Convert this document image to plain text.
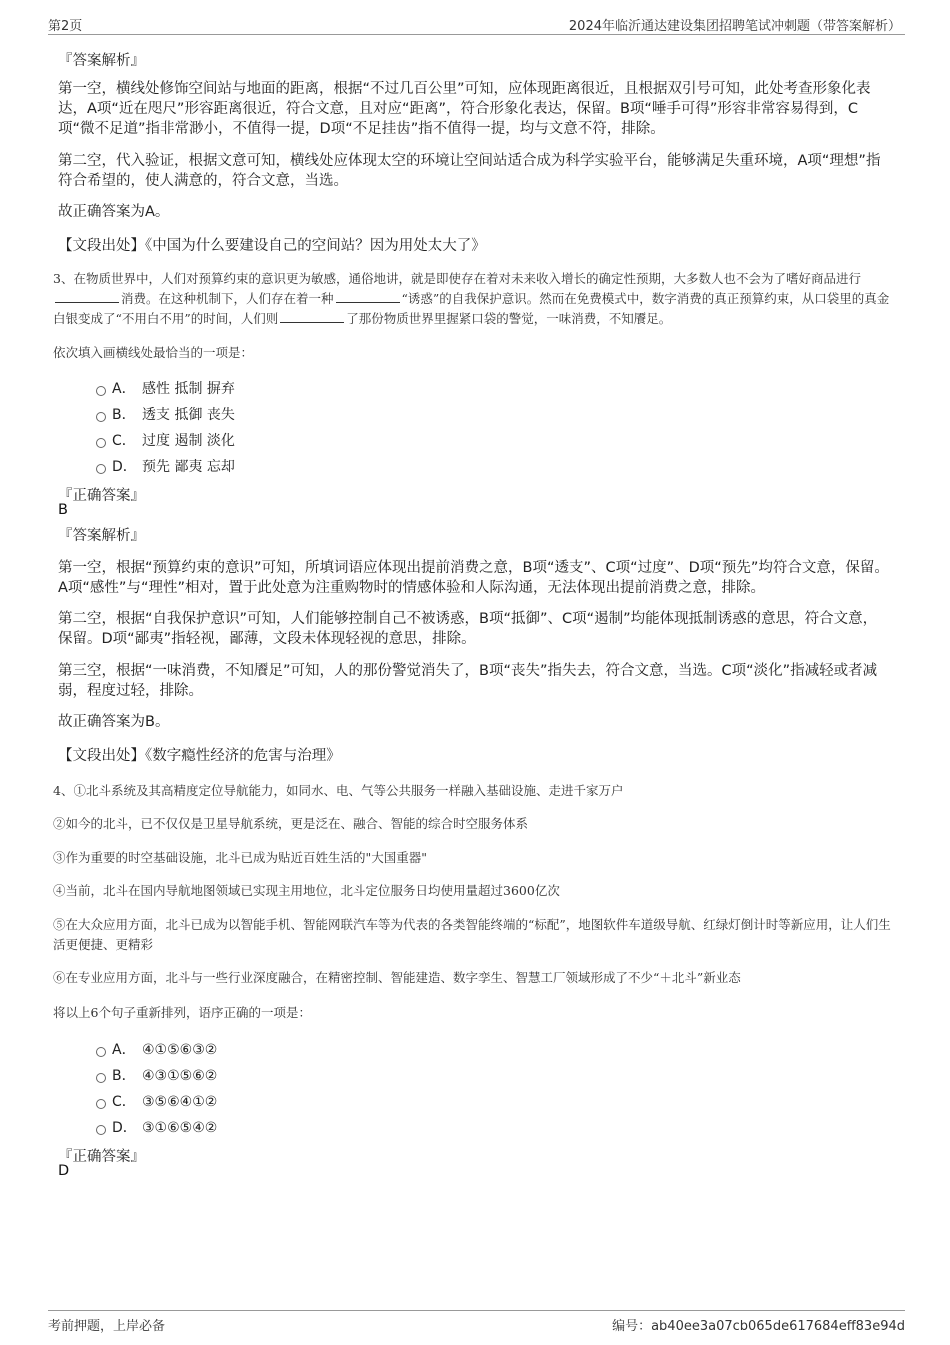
第2页	2024年临沂通达建设集团招聘笔试冲刺题（带答案解析）
『答案解析』
第一空，横线处修饰空间站与地面的距离，根据“不过几百公里”可知，应体现距离很近，且根据双引号可知，此处考查形象化表达，A项“近在咫尺”形容距离很近，符合文意，且对应“距离”，符合形象化表达，保留。B项“唾手可得”形容非常容易得到，C项“微不足道”指非常渺小，不值得一提，D项“不足挂齿”指不值得一提，均与文意不符，排除。
第二空，代入验证，根据文意可知，横线处应体现太空的环境让空间站适合成为科学实验平台，能够满足失重环境，A项“理想”指符合希望的，使人满意的，符合文意，当选。
故正确答案为A。
【文段出处】《中国为什么要建设自己的空间站？因为用处太大了》
3、在物质世界中，人们对预算约束的意识更为敏感，通俗地讲，就是即使存在着对未来收入增长的确定性预期，大多数人也不会为了嗜好商品进行消费。在这种机制下，人们存在着一种	“诱惑”的自我保护意识。然而在免费模式中，数字消费的真正预算约束，从口袋里的真金白银变成了“不用白不用”的时间，人们则	了那份物质世界里握紧口袋的警觉，一味消费，不知餍足。
依次填入画横线处最恰当的一项是：
A． 感性 抵制 摒弃
B． 透支 抵御 丧失
C． 过度 遏制 淡化
D． 预先 鄙夷 忘却
『正确答案』
B
『答案解析』
第一空，根据“预算约束的意识”可知，所填词语应体现出提前消费之意，B项“透支”、C项“过度”、D项“预先”均符合文意，保留。A项“感性”与“理性”相对，置于此处意为注重购物时的情感体验和人际沟通，无法体现出提前消费之意，排除。
第二空，根据“自我保护意识”可知，人们能够控制自己不被诱惑，B项“抵御”、C项“遏制”均能体现抵制诱惑的意思，符合文意，保留。D项“鄙夷”指轻视，鄙薄，文段未体现轻视的意思，排除。
第三空，根据“一味消费，不知餍足”可知，人的那份警觉消失了，B项“丧失”指失去，符合文意，当选。C项“淡化”指减轻或者减弱，程度过轻，排除。
故正确答案为B。
【文段出处】《数字瘾性经济的危害与治理》
4、①北斗系统及其高精度定位导航能力，如同水、电、气等公共服务一样融入基础设施、走进千家万户
②如今的北斗，已不仅仅是卫星导航系统，更是泛在、融合、智能的综合时空服务体系
③作为重要的时空基础设施，北斗已成为贴近百姓生活的"大国重器"
④当前，北斗在国内导航地图领域已实现主用地位，北斗定位服务日均使用量超过3600亿次
⑤在大众应用方面，北斗已成为以智能手机、智能网联汽车等为代表的各类智能终端的“标配”，地图软件车道级导航、红绿灯倒计时等新应用，让人们生活更便捷、更精彩
⑥在专业应用方面，北斗与一些行业深度融合，在精密控制、智能建造、数字孪生、智慧工厂领域形成了不少“＋北斗”新业态
将以上6个句子重新排列，语序正确的一项是：
A． ④①⑤⑥③②
B． ④③①⑤⑥②
C． ③⑤⑥④①②
D． ③①⑥⑤④②
『正确答案』
D
考前押题，上岸必备	编号：ab40ee3a07cb065de617684eff83e94d
